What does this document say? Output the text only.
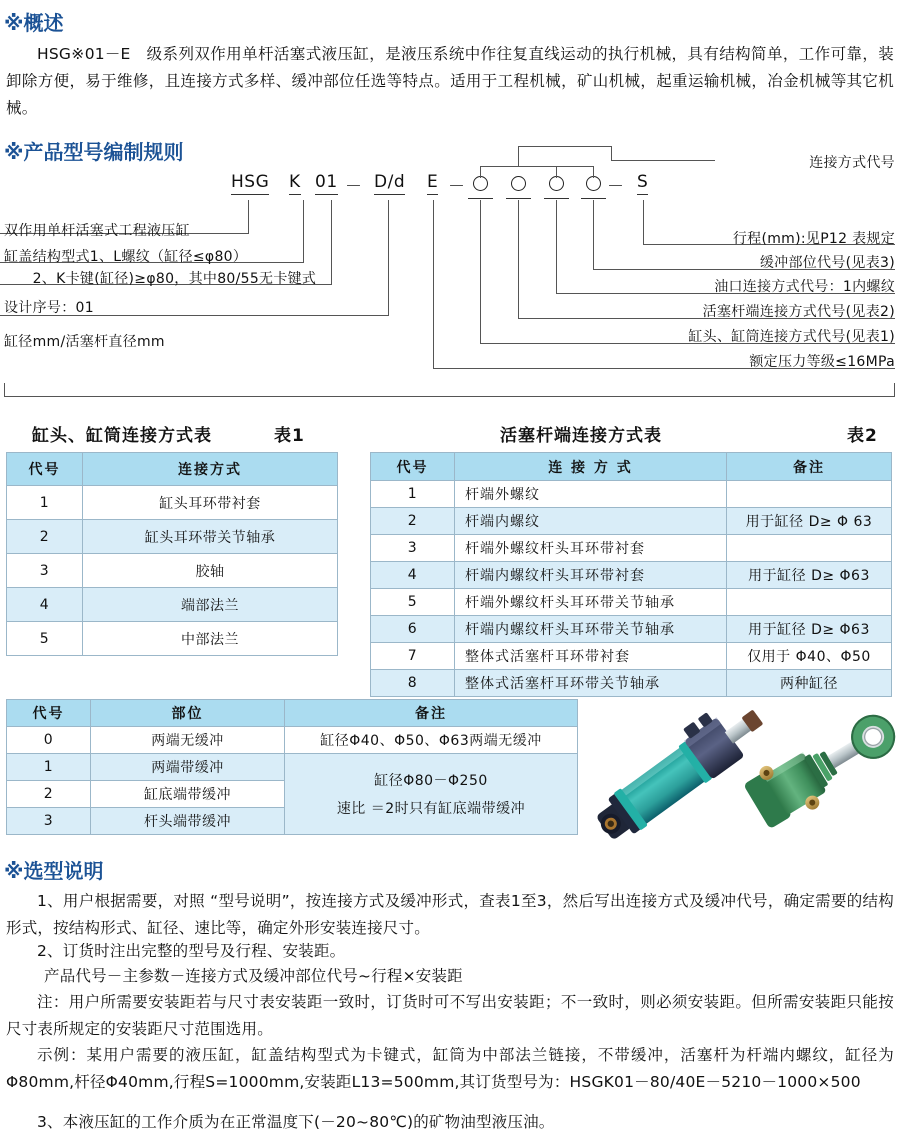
※概述
HSG※01－E　级系列双作用单杆活塞式液压缸，是液压系统中作往复直线运动的执行机械，具有结构简单，工作可靠，装卸除方便，易于维修，且连接方式多样、缓冲部位任选等特点。适用于工程机械，矿山机械，起重运输机械，冶金机械等其它机械。
※产品型号编制规则
HSG K 01 － D/d E －	－ S
双作用单杆活塞式工程液压缸
缸盖结构型式1、L螺纹（缸径≤φ80）
　　2、K卡键(缸径)≥φ80，其中80/55无卡键式
设计序号：01
缸径mm/活塞杆直径mm
连接方式代号
行程(mm):见P12 表规定
缓冲部位代号(见表3)
油口连接方式代号：1内螺纹
活塞杆端连接方式代号(见表2)
缸头、缸筒连接方式代号(见表1)
额定压力等级≤16MPa
缸头、缸筒连接方式表	表1
代号	连接方式
1	缸头耳环带衬套
2	缸头耳环带关节轴承
3	胶轴
4	端部法兰
5	中部法兰
活塞杆端连接方式表	表2
代号	连 接 方 式	备注
1	杆端外螺纹	
2	杆端内螺纹	用于缸径 D≥ Φ 63
3	杆端外螺纹杆头耳环带衬套	
4	杆端内螺纹杆头耳环带衬套	用于缸径 D≥ Φ63
5	杆端外螺纹杆头耳环带关节轴承	
6	杆端内螺纹杆头耳环带关节轴承	用于缸径 D≥ Φ63
7	整体式活塞杆耳环带衬套	仅用于 Φ40、Φ50
8	整体式活塞杆耳环带关节轴承	两种缸径
代号	部位	备注
0	两端无缓冲	缸径Φ40、Φ50、Φ63两端无缓冲
1	两端带缓冲	缸径Φ80－Φ250
速比 ＝2时只有缸底端带缓冲

2	缸底端带缓冲	
3	杆头端带缓冲	
※选型说明
1、用户根据需要，对照 “型号说明”，按连接方式及缓冲形式，查表1至3，然后写出连接方式及缓冲代号，确定需要的结构形式，按结构形式、缸径、速比等，确定外形安装连接尺寸。
2、订货时注出完整的型号及行程、安装距。
产品代号－主参数－连接方式及缓冲部位代号~行程×安装距
注：用户所需要安装距若与尺寸表安装距一致时，订货时可不写出安装距；不一致时，则必须安装距。但所需安装距只能按尺寸表所规定的安装距尺寸范围选用。
示例：某用户需要的液压缸，缸盖结构型式为卡键式，缸筒为中部法兰链接，不带缓冲，活塞杆为杆端内螺纹，缸径为Φ80mm,杆径Φ40mm,行程S=1000mm,安装距L13=500mm,其订货型号为：HSGK01－80/40E－5210－1000×500
3、本液压缸的工作介质为在正常温度下(－20~80℃)的矿物油型液压油。
